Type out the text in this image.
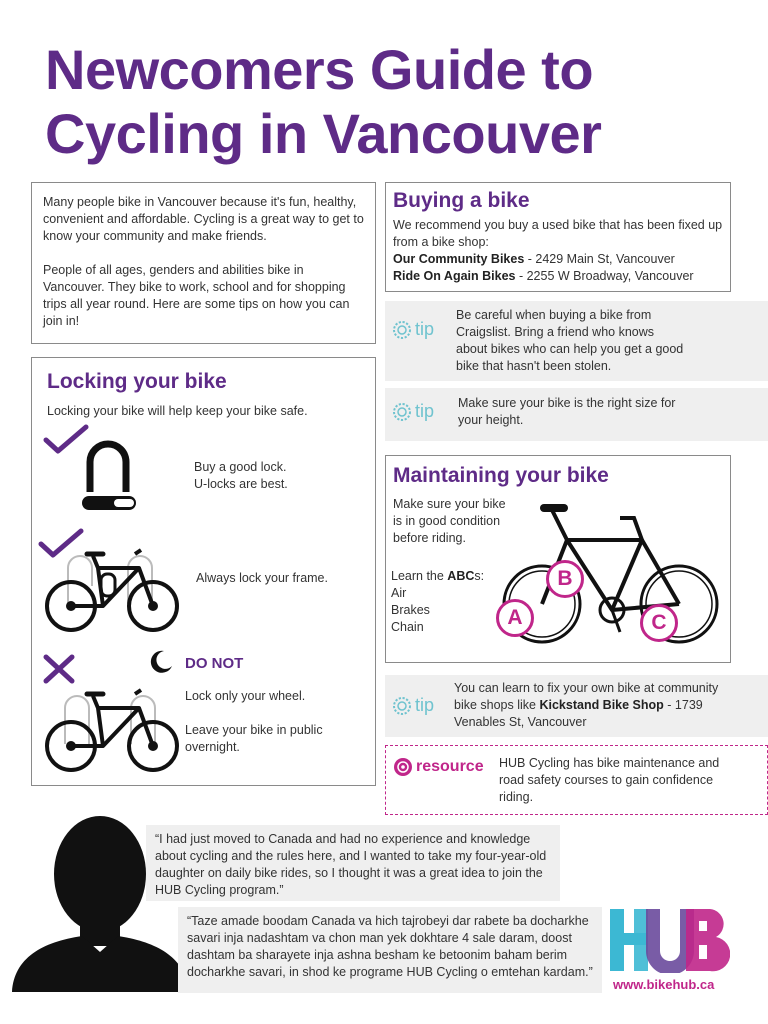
Newcomers Guide to
Cycling in Vancouver
Many people bike in Vancouver because it's fun, healthy, convenient and affordable. Cycling is a great way to get to know your community and make friends.
People of all ages, genders and abilities bike in Vancouver. They bike to work, school and for shopping trips all year round. Here are some tips on how you can join in!
Buying a bike
We recommend you buy a used bike that has been fixed up from a bike shop:
Our Community Bikes - 2429 Main St, Vancouver
Ride On Again Bikes - 2255 W Broadway, Vancouver
tip
Be careful when buying a bike from Craigslist. Bring a friend who knows about bikes who can help you get a good bike that hasn't been stolen.
tip Make sure your bike is the right size for your height.
Locking your bike
Locking your bike will help keep your bike safe.
Buy a good lock.
U-locks are best.
Always lock your frame.
DO NOT
Lock only your wheel.
Leave your bike in public
overnight.
Maintaining your bike
Make sure your bike
is in good condition
before riding.
Learn the ABCs:
Air
Brakes
Chain	A
B
C
tip
You can learn to fix your own bike at community bike shops like Kickstand Bike Shop - 1739 Venables St, Vancouver
resource HUB Cycling has bike maintenance and road safety courses to gain confidence riding.
“I had just moved to Canada and had no experience and knowledge about cycling and the rules here, and I wanted to take my four-year-old daughter on daily bike rides, so I thought it was a great idea to join the HUB Cycling program.”
“Taze amade boodam Canada va hich tajrobeyi dar rabete ba docharkhe savari inja nadashtam va chon man yek dokhtare 4 sale daram, doost dashtam ba sharayete inja ashna besham ke betoonim baham berim docharkhe savari, in shod ke programe HUB Cycling o emtehan kardam.”
www.bikehub.ca
